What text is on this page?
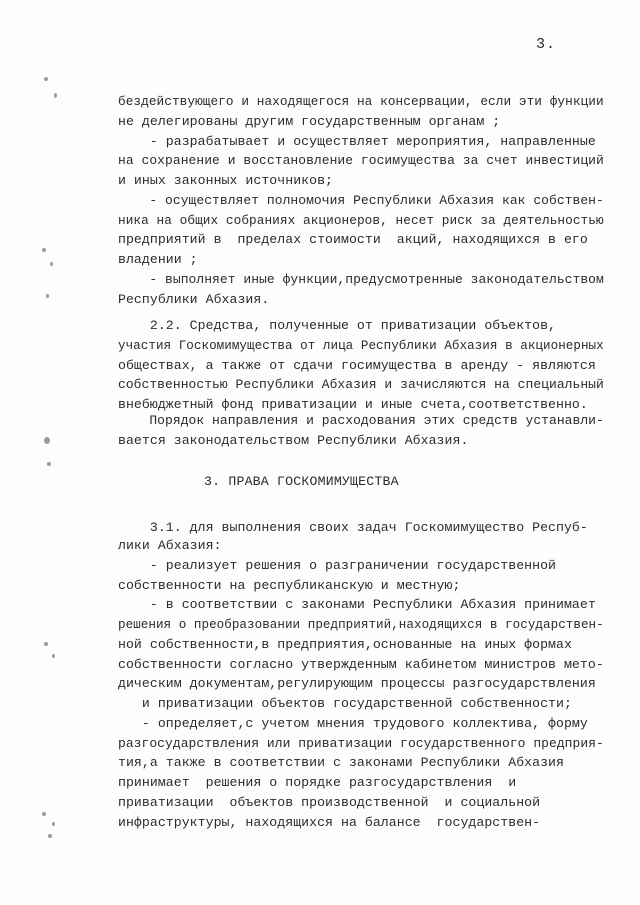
3.
бездействующего и находящегося на консервации, если эти функции
не делегированы другим государственным органам ;
- разрабатывает и осуществляет мероприятия, направленные
на сохранение и восстановление госимущества за счет инвестиций
и иных законных источников;
- осуществляет полномочия Республики Абхазия как собствен-
ника на общих собраниях акционеров, несет риск за деятельностью
предприятий в  пределах стоимости  акций, находящихся в его
владении ;
- выполняет иные функции,предусмотренные законодательством
Республики Абхазия.
2.2. Средства, полученные от приватизации объектов,
участия Госкомимущества от лица Республики Абхазия в акционерных
обществах, а также от сдачи госимущества в аренду - являются
собственностью Республики Абхазия и зачисляются на специальный
внебюджетный фонд приватизации и иные счета,соответственно.
Порядок направления и расходования этих средств устанавли-
вается законодательством Республики Абхазия.
3. ПРАВА ГОСКОМИМУЩЕСТВА
3.1. для выполнения своих задач Госкомимущество Респуб-
лики Абхазия:
- реализует решения о разграничении государственной
собственности на республиканскую и местную;
- в соответствии с законами Республики Абхазия принимает
решения о преобразовании предприятий,находящихся в государствен-
ной собственности,в предприятия,основанные на иных формах
собственности согласно утвержденным кабинетом министров мето-
дическим документам,регулирующим процессы разгосударствления
и приватизации объектов государственной собственности;
- определяет,с учетом мнения трудового коллектива, форму
разгосударствления или приватизации государственного предприя-
тия,а также в соответствии с законами Республики Абхазия
принимает  решения о порядке разгосударствления  и
приватизации  объектов производственной  и социальной
инфраструктуры, находящихся на балансе  государствен-
